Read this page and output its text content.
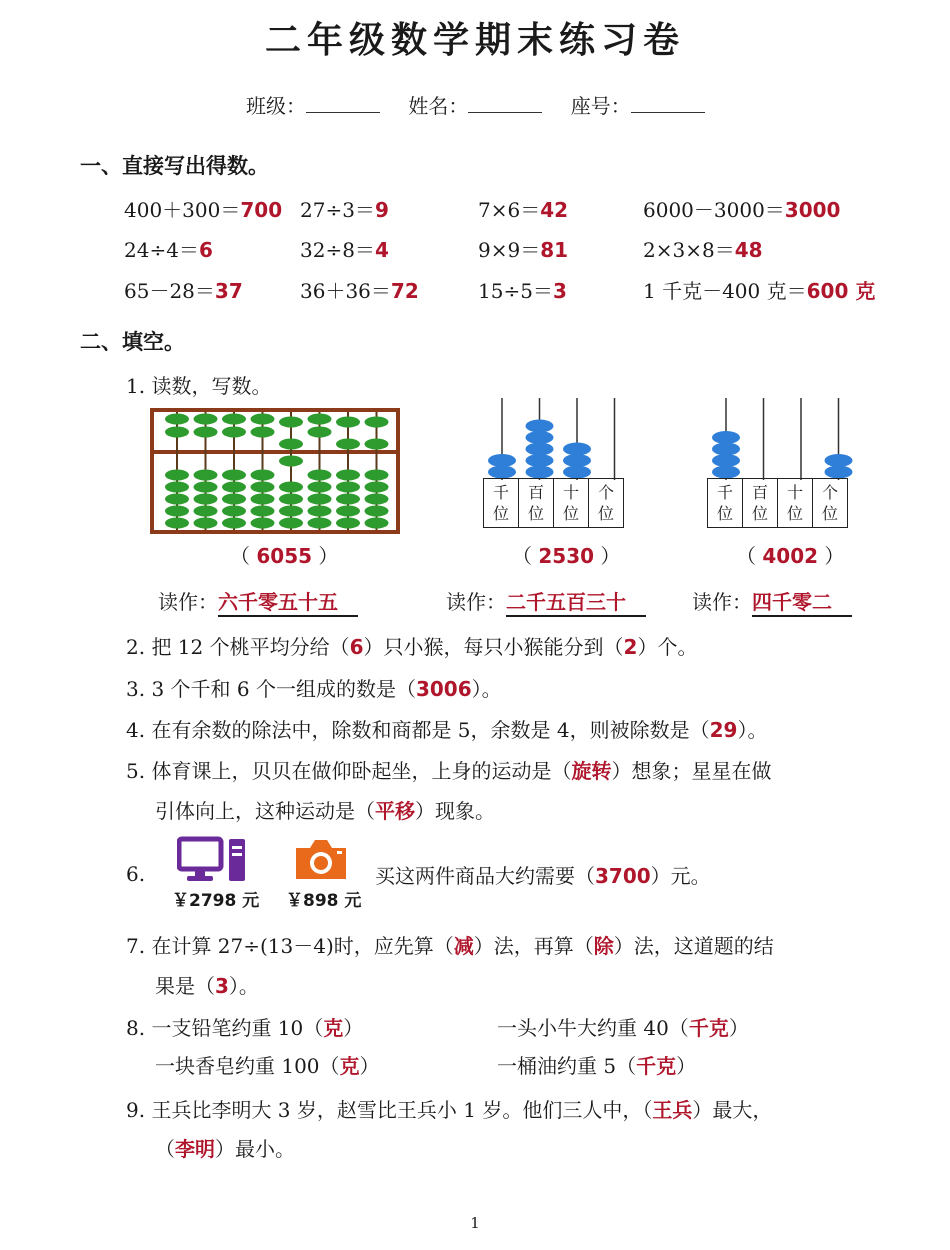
二年级数学期末练习卷
班级：	姓名：	座号：
一、直接写出得数。
400＋300＝700 27÷3＝9	7×6＝42	6000－3000＝3000
24÷4＝6	32÷8＝4	9×9＝81	2×3×8＝48
65－28＝37	36＋36＝72	15÷5＝3	1 千克－400 克＝600 克
二、填空。
1. 读数，写数。
千
位	百
位	十
位	个
位
千
位	百
位	十
位	个
位
（ 6055 ）	（ 2530 ）	（ 4002 ）
读作：六千零五十五	读作：二千五百三十	读作：四千零二
2. 把 12 个桃平均分给（6）只小猴，每只小猴能分到（2）个。
3. 3 个千和 6 个一组成的数是（3006）。
4. 在有余数的除法中，除数和商都是 5，余数是 4，则被除数是（29）。
5. 体育课上，贝贝在做仰卧起坐，上身的运动是（旋转）想象；星星在做
引体向上，这种运动是（平移）现象。
6.
￥2798 元 ￥898 元
买这两件商品大约需要（3700）元。
7. 在计算 27÷(13－4)时，应先算（减）法，再算（除）法，这道题的结
果是（3）。
8. 一支铅笔约重 10（克）	一头小牛大约重 40（千克）
一块香皂约重 100（克）	一桶油约重 5（千克）
9. 王兵比李明大 3 岁，赵雪比王兵小 1 岁。他们三人中，（王兵）最大，
（李明）最小。
1
